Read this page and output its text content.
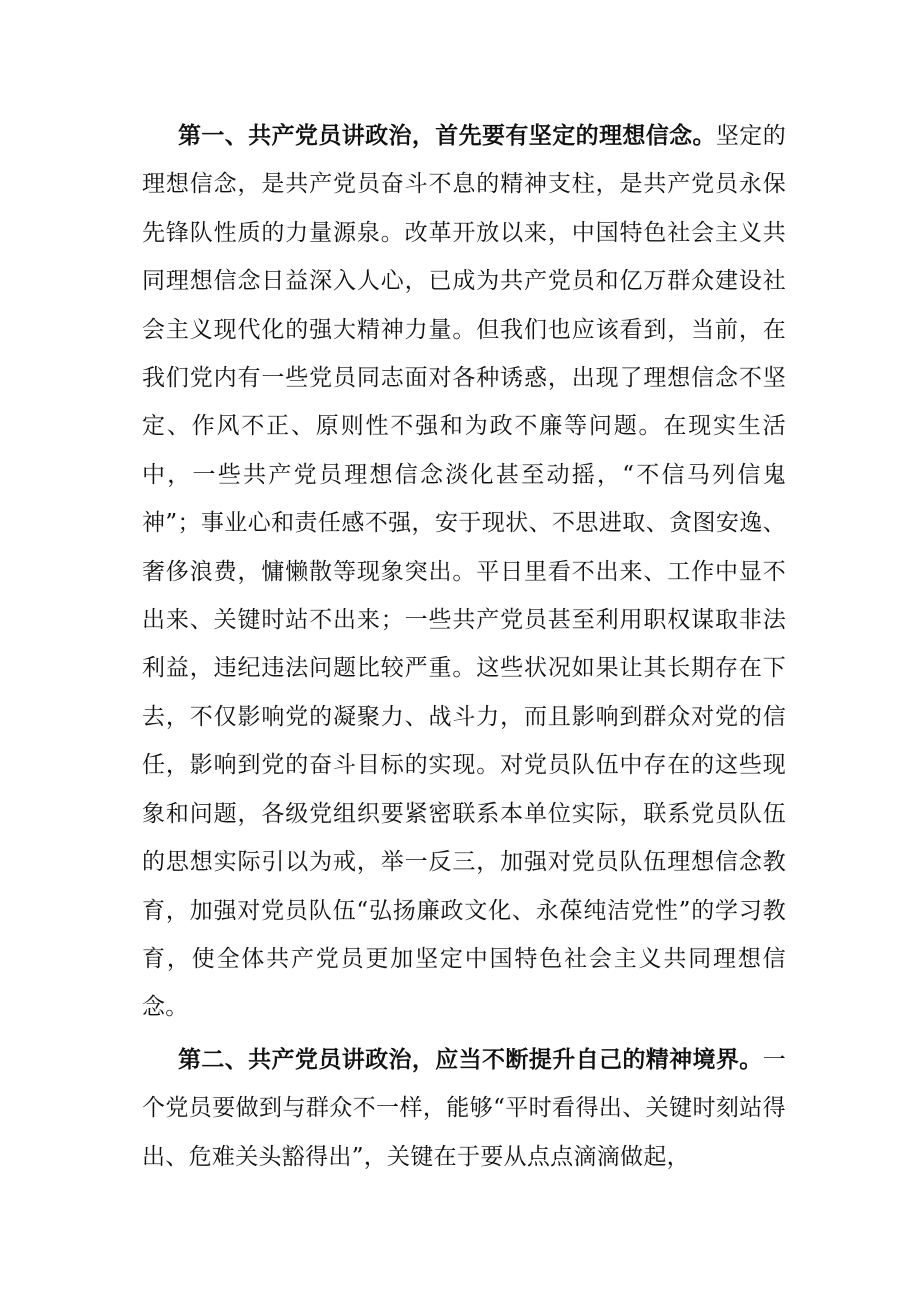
第一、共产党员讲政治，首先要有坚定的理想信念。坚定的理想信念，是共产党员奋斗不息的精神支柱，是共产党员永保先锋队性质的力量源泉。改革开放以来，中国特色社会主义共同理想信念日益深入人心，已成为共产党员和亿万群众建设社会主义现代化的强大精神力量。但我们也应该看到，当前，在我们党内有一些党员同志面对各种诱惑，出现了理想信念不坚定、作风不正、原则性不强和为政不廉等问题。在现实生活中，一些共产党员理想信念淡化甚至动摇，“不信马列信鬼神”；事业心和责任感不强，安于现状、不思进取、贪图安逸、奢侈浪费，慵懒散等现象突出。平日里看不出来、工作中显不出来、关键时站不出来；一些共产党员甚至利用职权谋取非法利益，违纪违法问题比较严重。这些状况如果让其长期存在下去，不仅影响党的凝聚力、战斗力，而且影响到群众对党的信任，影响到党的奋斗目标的实现。对党员队伍中存在的这些现象和问题，各级党组织要紧密联系本单位实际，联系党员队伍的思想实际引以为戒，举一反三，加强对党员队伍理想信念教育，加强对党员队伍“弘扬廉政文化、永葆纯洁党性”的学习教育，使全体共产党员更加坚定中国特色社会主义共同理想信念。

第二、共产党员讲政治，应当不断提升自己的精神境界。一个党员要做到与群众不一样，能够“平时看得出、关键时刻站得出、危难关头豁得出”，关键在于要从点点滴滴做起，
